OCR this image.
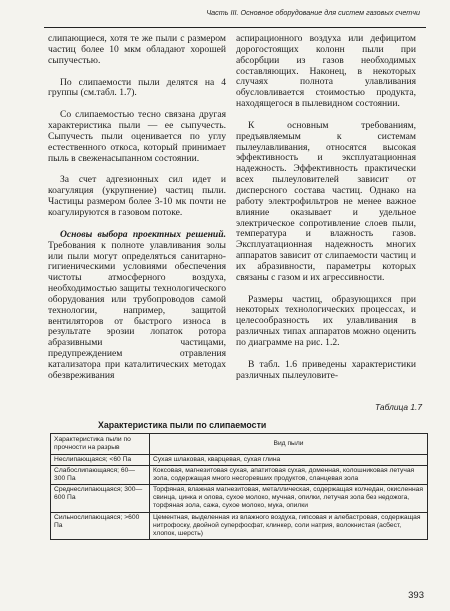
Часть III. Основное оборудование для систем газовых счетчи

слипающиеся, хотя те же пыли с размером частиц более 10 мкм обладают хорошей сыпучестью.

По слипаемости пыли делятся на 4 группы (см.табл. 1.7).

Со слипаемостью тесно связана другая характеристика пыли — ее сыпучесть. Сыпучесть пыли оценивается по углу естественного откоса, который принимает пыль в свеженасыпанном состоянии.

За счет адгезионных сил идет и коагуляция (укрупнение) частиц пыли. Частицы размером более 3-10 мк почти не коагулируются в газовом потоке.

Основы выбора проектных решений. Требования к полноте улавливания золы или пыли могут определяться санитарно-гигиеническими условиями обеспечения чистоты атмосферного воздуха, необходимостью защиты технологического оборудования или трубопроводов самой технологии, например, защитой вентиляторов от быстрого износа в результате эрозии лопаток ротора абразивными частицами, предупреждением отравления катализатора при каталитических методах обезвреживания

аспирационного воздуха или дефицитом дорогостоящих колонн пыли при абсорбции из газов необходимых составляющих. Наконец, в некоторых случаях полнота улавливания обусловливается стоимостью продукта, находящегося в пылевидном состоянии.

К основным требованиям, предъявляемым к системам пылеулавливания, относятся высокая эффективность и эксплуатационная надежность. Эффективность практически всех пылеуловителей зависит от дисперсного состава частиц. Однако на работу электрофильтров не менее важное влияние оказывает и удельное электрическое сопротивление слоев пыли, температура и влажность газов. Эксплуатационная надежность многих аппаратов зависит от слипаемости частиц и их абразивности, параметры которых связаны с газом и их агрессивности.

Размеры частиц, образующихся при некоторых технологических процессах, и целесообразность их улавливания в различных типах аппаратов можно оценить по диаграмме на рис. 1.2.

В табл. 1.6 приведены характеристики различных пылеуловите-

Таблица 1.7
Характеристика пыли по слипаемости
Характеристика пыли по прочности на разрыв	Вид пыли
Неслипающаяся; <60 Па	Сухая шлаковая, кварцевая, сухая глина
Слабослипающаяся; 60—300 Па	Коксовая, магнезитовая сухая, апатитовая сухая, доменная, колошниковая летучая зола, содержащая много несгоревших продуктов, сланцевая зола
Среднеслипающаяся; 300—600 Па	Торфяная, влажная магнезитовая, металлическая, содержащая колчедан, окисленная свинца, цинка и олова, сухое молоко, мучная, опилки, летучая зола без недожога, торфяная зола, сажа, сухое молоко, мука, опилки
Сильнослипающаяся; >600 Па	Цементная, выделенная из влажного воздуха, гипсовая и алебастровая, содержащая нитрофоску, двойной суперфосфат, клинкер, соли натрия, волокнистая (асбест, хлопок, шерсть)
393
